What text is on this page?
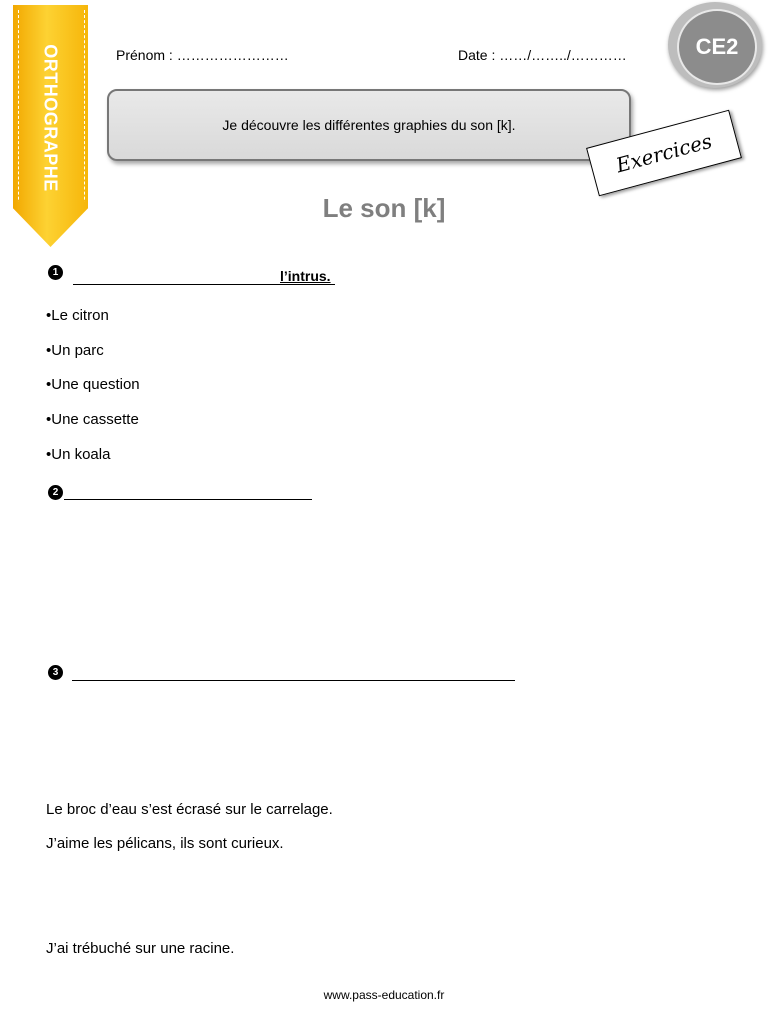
ORTHOGRAPHE	Prénom : ……………………	Date : ……/……../…………	CE2
Je découvre les différentes graphies du son [k].
Exercices
Le son [k]
1	l’intrus.
•Le citron
•Un parc
•Une question
•Une cassette
•Un koala
2
3
Le broc d’eau s’est écrasé sur le carrelage.
J’aime les pélicans, ils sont curieux.
J’ai trébuché sur une racine.
www.pass-education.fr
